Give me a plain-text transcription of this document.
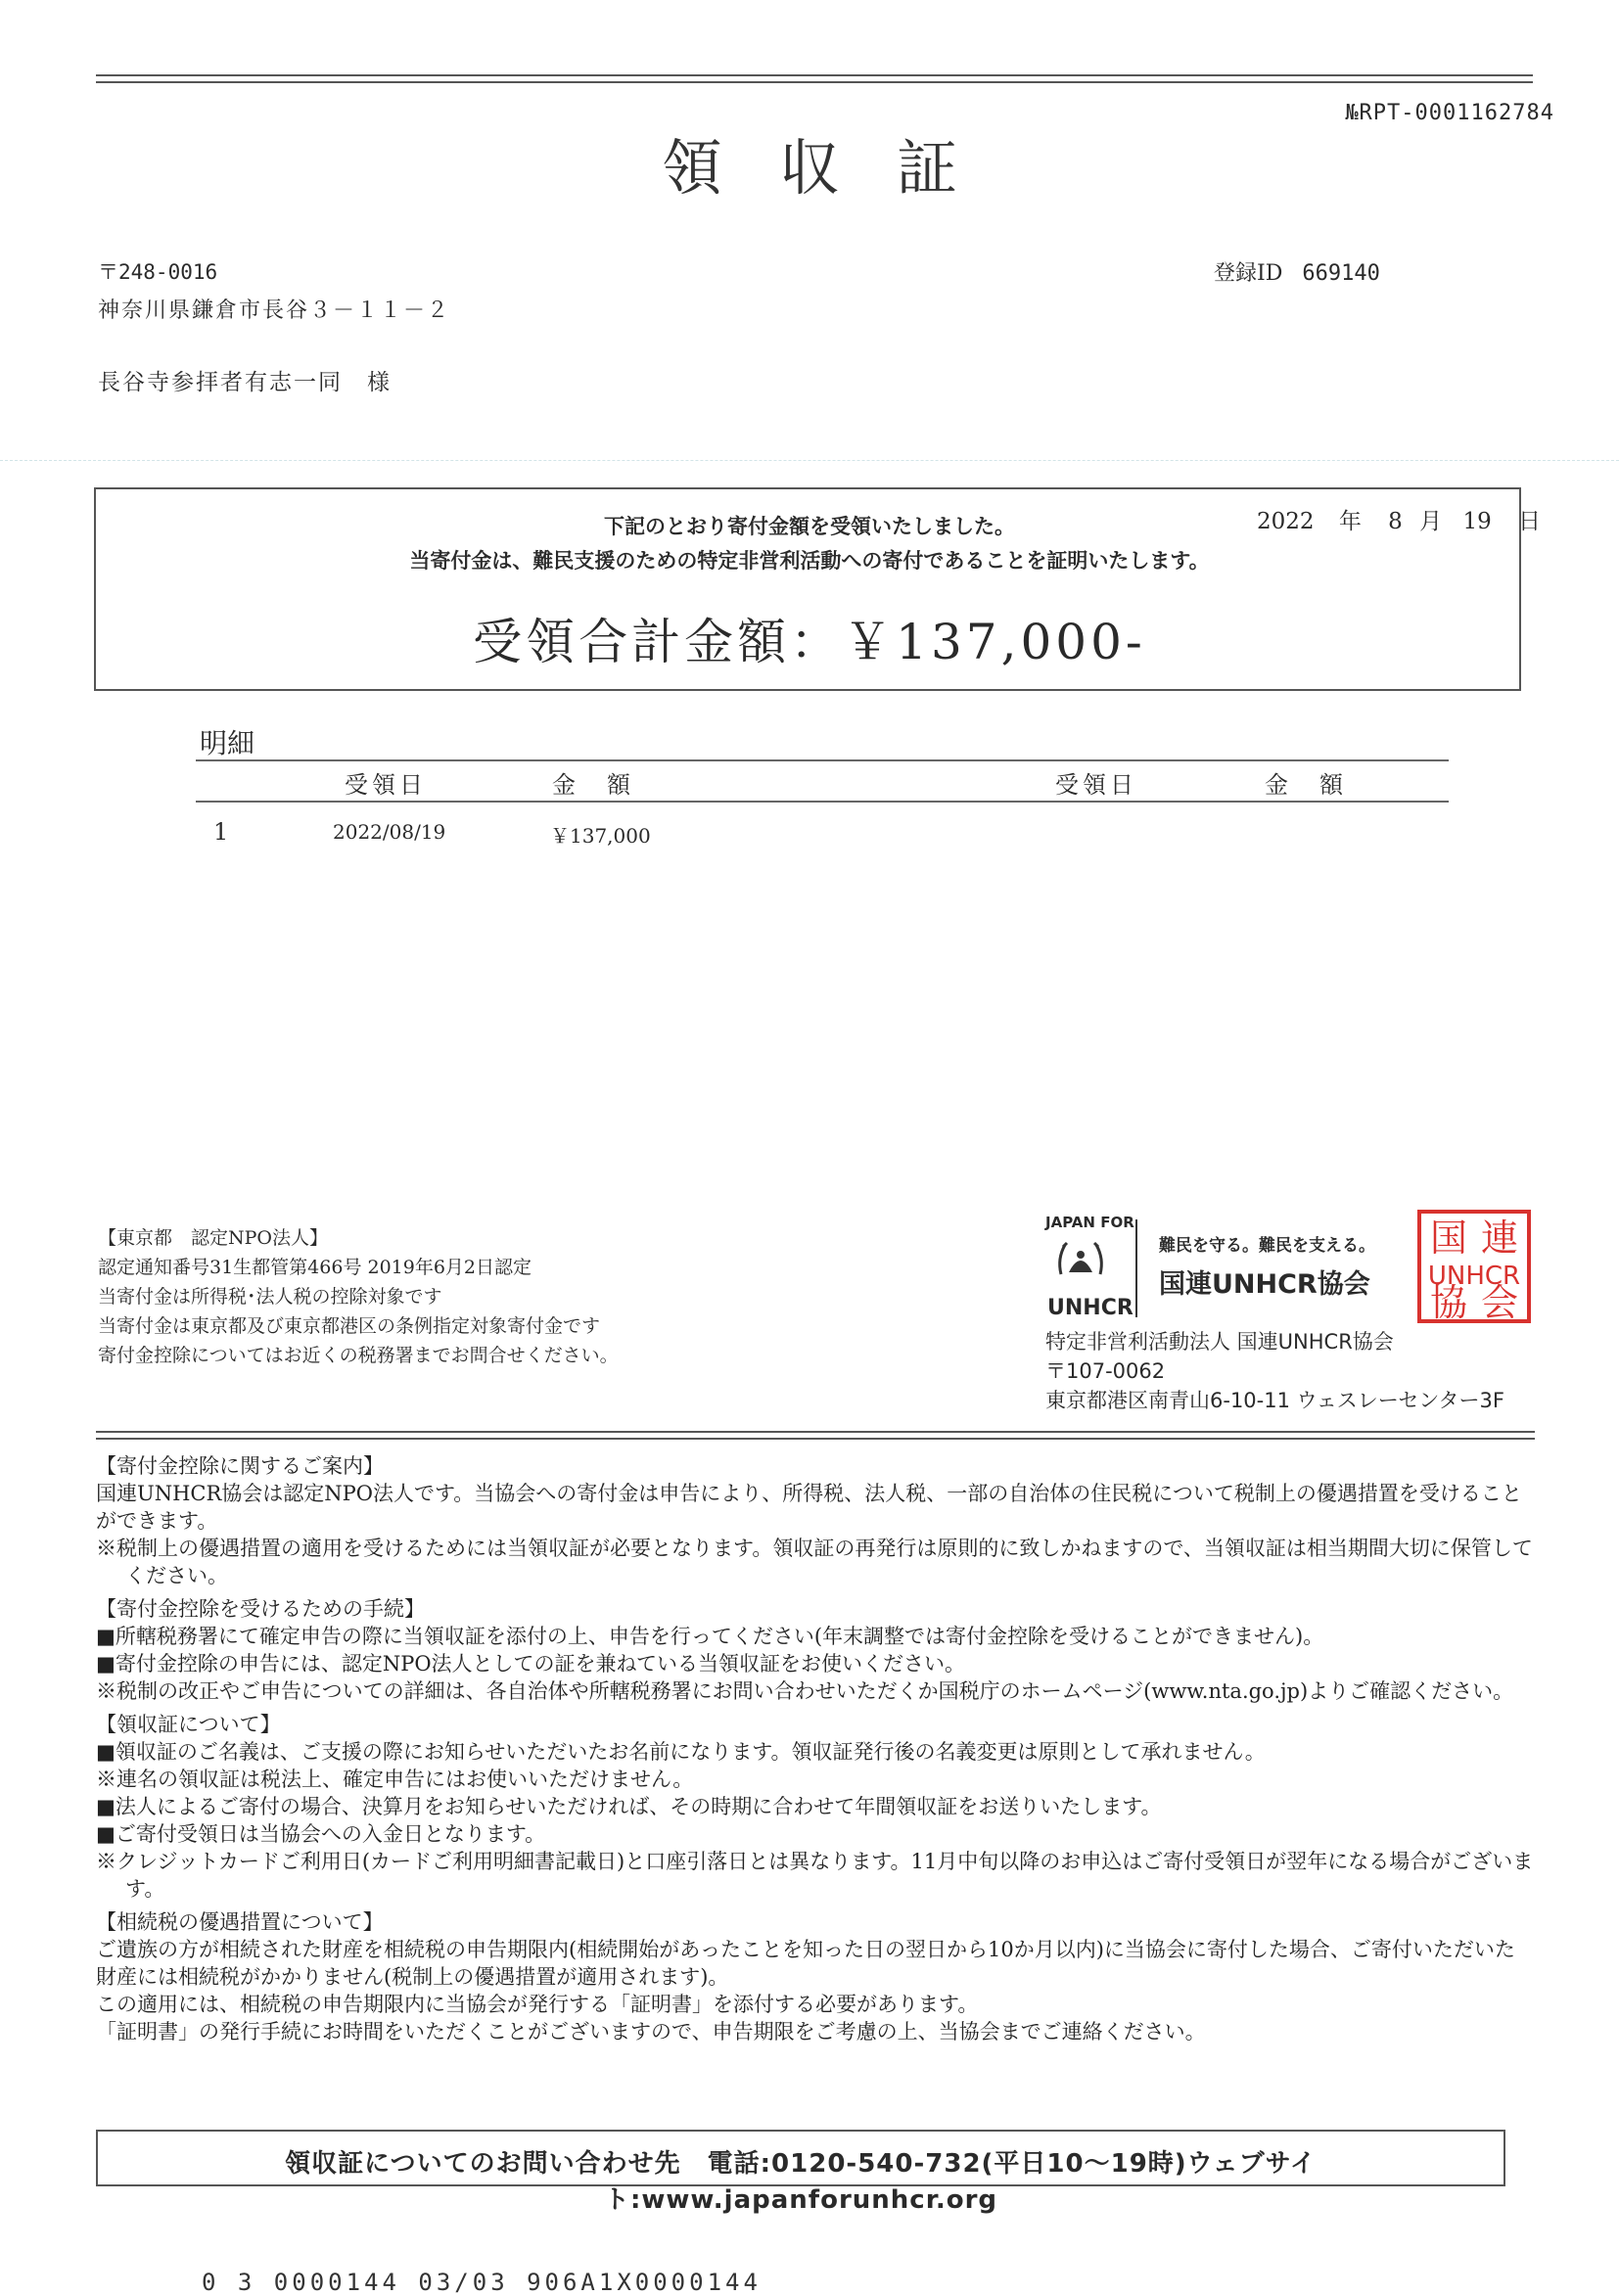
領収証
№RPT-0001162784
〒248-0016
神奈川県鎌倉市長谷３－１１－２
長谷寺参拝者有志一同　様
登録ID 669140
下記のとおり寄付金額を受領いたしました。
当寄付金は、難民支援のための特定非営利活動への寄付であることを証明いたします。
2022 年 8 月 19 日
受領合計金額：￥137,000-
明細
受領日	金　額	受領日	金　額
1	2022/08/19	￥137,000
【東京都　認定NPO法人】
認定通知番号31生都管第466号 2019年6月2日認定
当寄付金は所得税･法人税の控除対象です
当寄付金は東京都及び東京都港区の条例指定対象寄付金です
寄付金控除についてはお近くの税務署までお問合せください。
JAPAN FOR
UNHCR
難民を守る。難民を支える。
国連UNHCR協会
国 連
UNHCR
協 会
特定非営利活動法人 国連UNHCR協会
〒107-0062
東京都港区南青山6-10-11 ウェスレーセンター3F

【寄付金控除に関するご案内】

国連UNHCR協会は認定NPO法人です。当協会への寄付金は申告により、所得税、法人税、一部の自治体の住民税について税制上の優遇措置を受けることができます。

※税制上の優遇措置の適用を受けるためには当領収証が必要となります。領収証の再発行は原則的に致しかねますので、当領収証は相当期間大切に保管してください。

【寄付金控除を受けるための手続】

■所轄税務署にて確定申告の際に当領収証を添付の上、申告を行ってください(年末調整では寄付金控除を受けることができません)。

■寄付金控除の申告には、認定NPO法人としての証を兼ねている当領収証をお使いください。

※税制の改正やご申告についての詳細は、各自治体や所轄税務署にお問い合わせいただくか国税庁のホームページ(www.nta.go.jp)よりご確認ください。

【領収証について】

■領収証のご名義は、ご支援の際にお知らせいただいたお名前になります。領収証発行後の名義変更は原則として承れません。

※連名の領収証は税法上、確定申告にはお使いいただけません。

■法人によるご寄付の場合、決算月をお知らせいただければ、その時期に合わせて年間領収証をお送りいたします。

■ご寄付受領日は当協会への入金日となります。

※クレジットカードご利用日(カードご利用明細書記載日)と口座引落日とは異なります。11月中旬以降のお申込はご寄付受領日が翌年になる場合がございます。

【相続税の優遇措置について】

ご遺族の方が相続された財産を相続税の申告期限内(相続開始があったことを知った日の翌日から10か月以内)に当協会に寄付した場合、ご寄付いただいた財産には相続税がかかりません(税制上の優遇措置が適用されます)。

この適用には、相続税の申告期限内に当協会が発行する「証明書」を添付する必要があります。

「証明書」の発行手続にお時間をいただくことがございますので、申告期限をご考慮の上、当協会までご連絡ください。

領収証についてのお問い合わせ先　電話:0120-540-732(平日10～19時)ウェブサイト:www.japanforunhcr.org
0 3 0000144 03/03 906A1X0000144
